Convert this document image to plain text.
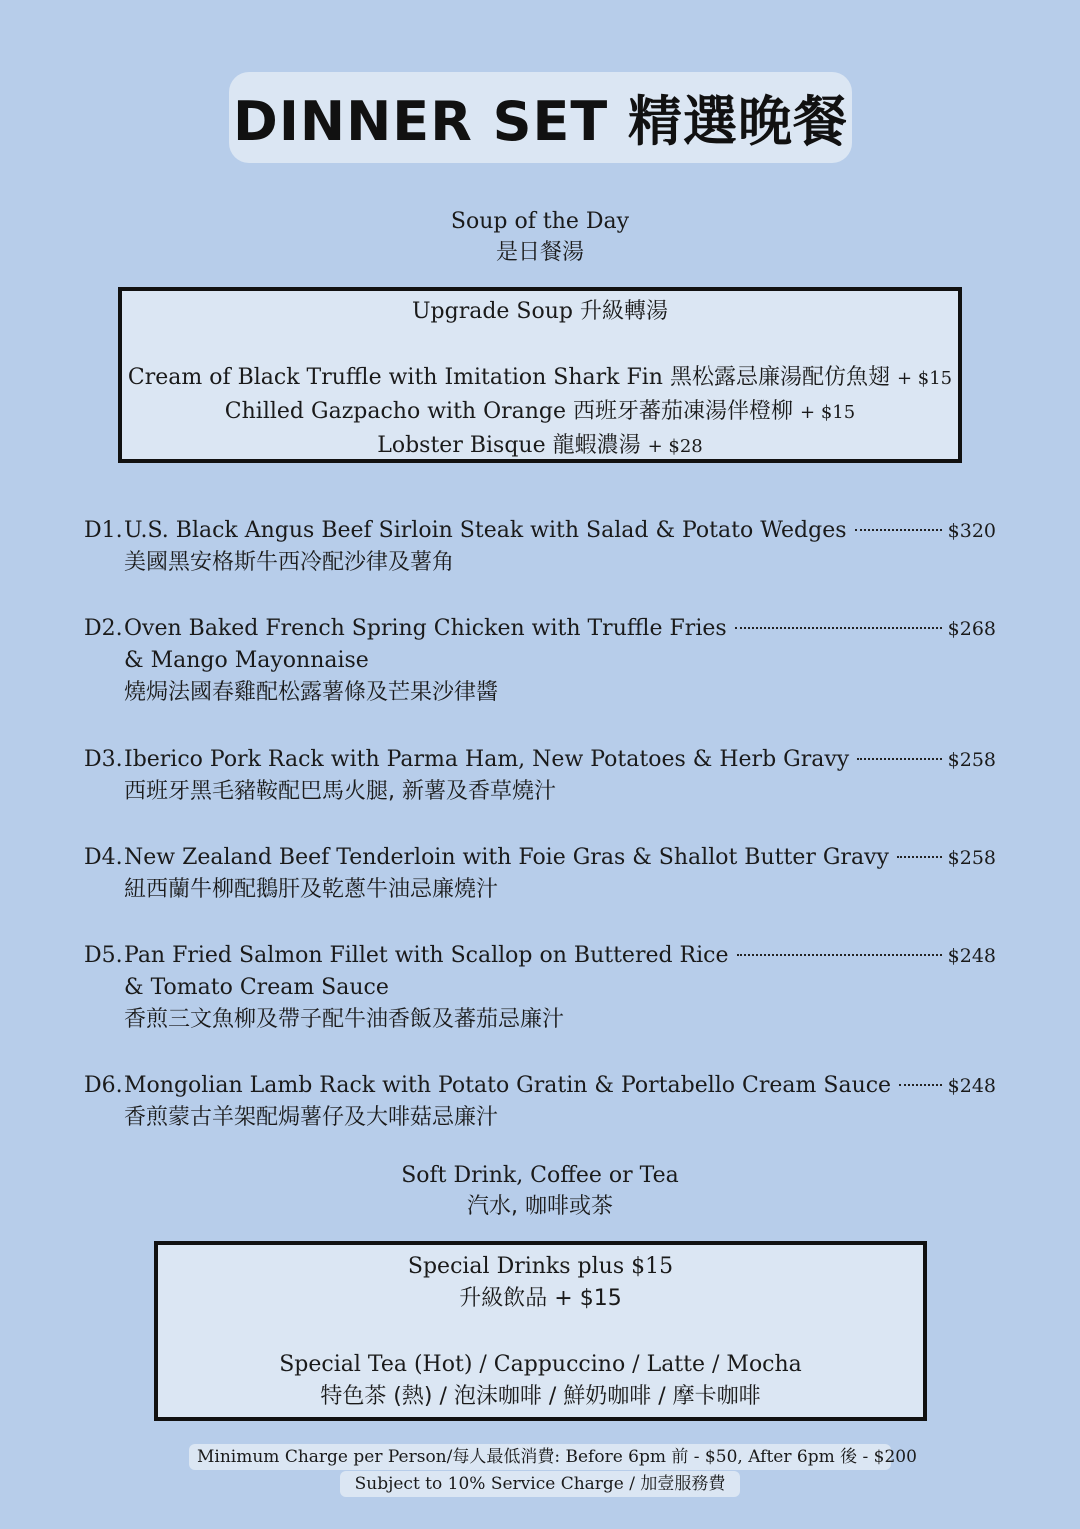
DINNER SET 精選晚餐
Soup of the Day
是日餐湯
Upgrade Soup 升級轉湯
Cream of Black Truffle with Imitation Shark Fin 黑松露忌廉湯配仿魚翅 + $15
Chilled Gazpacho with Orange 西班牙蕃茄凍湯伴橙柳 + $15
Lobster Bisque 龍蝦濃湯 + $28
D1. U.S. Black Angus Beef Sirloin Steak with Salad & Potato Wedges	$320
美國黑安格斯牛西冷配沙律及薯角
D2. Oven Baked French Spring Chicken with Truffle Fries	$268
& Mango Mayonnaise
燒焗法國春雞配松露薯條及芒果沙律醬
D3. Iberico Pork Rack with Parma Ham, New Potatoes & Herb Gravy	$258
西班牙黑毛豬鞍配巴馬火腿, 新薯及香草燒汁
D4. New Zealand Beef Tenderloin with Foie Gras & Shallot Butter Gravy	$258
紐西蘭牛柳配鵝肝及乾蔥牛油忌廉燒汁
D5. Pan Fried Salmon Fillet with Scallop on Buttered Rice	$248
& Tomato Cream Sauce
香煎三文魚柳及帶子配牛油香飯及蕃茄忌廉汁
D6. Mongolian Lamb Rack with Potato Gratin & Portabello Cream Sauce	$248
香煎蒙古羊架配焗薯仔及大啡菇忌廉汁
Soft Drink, Coffee or Tea
汽水, 咖啡或茶
Special Drinks plus $15
升級飲品 + $15
Special Tea (Hot) / Cappuccino / Latte / Mocha
特色茶 (熱) / 泡沫咖啡 / 鮮奶咖啡 / 摩卡咖啡
Minimum Charge per Person/每人最低消費: Before 6pm 前 - $50, After 6pm 後 - $200
Subject to 10% Service Charge / 加壹服務費
